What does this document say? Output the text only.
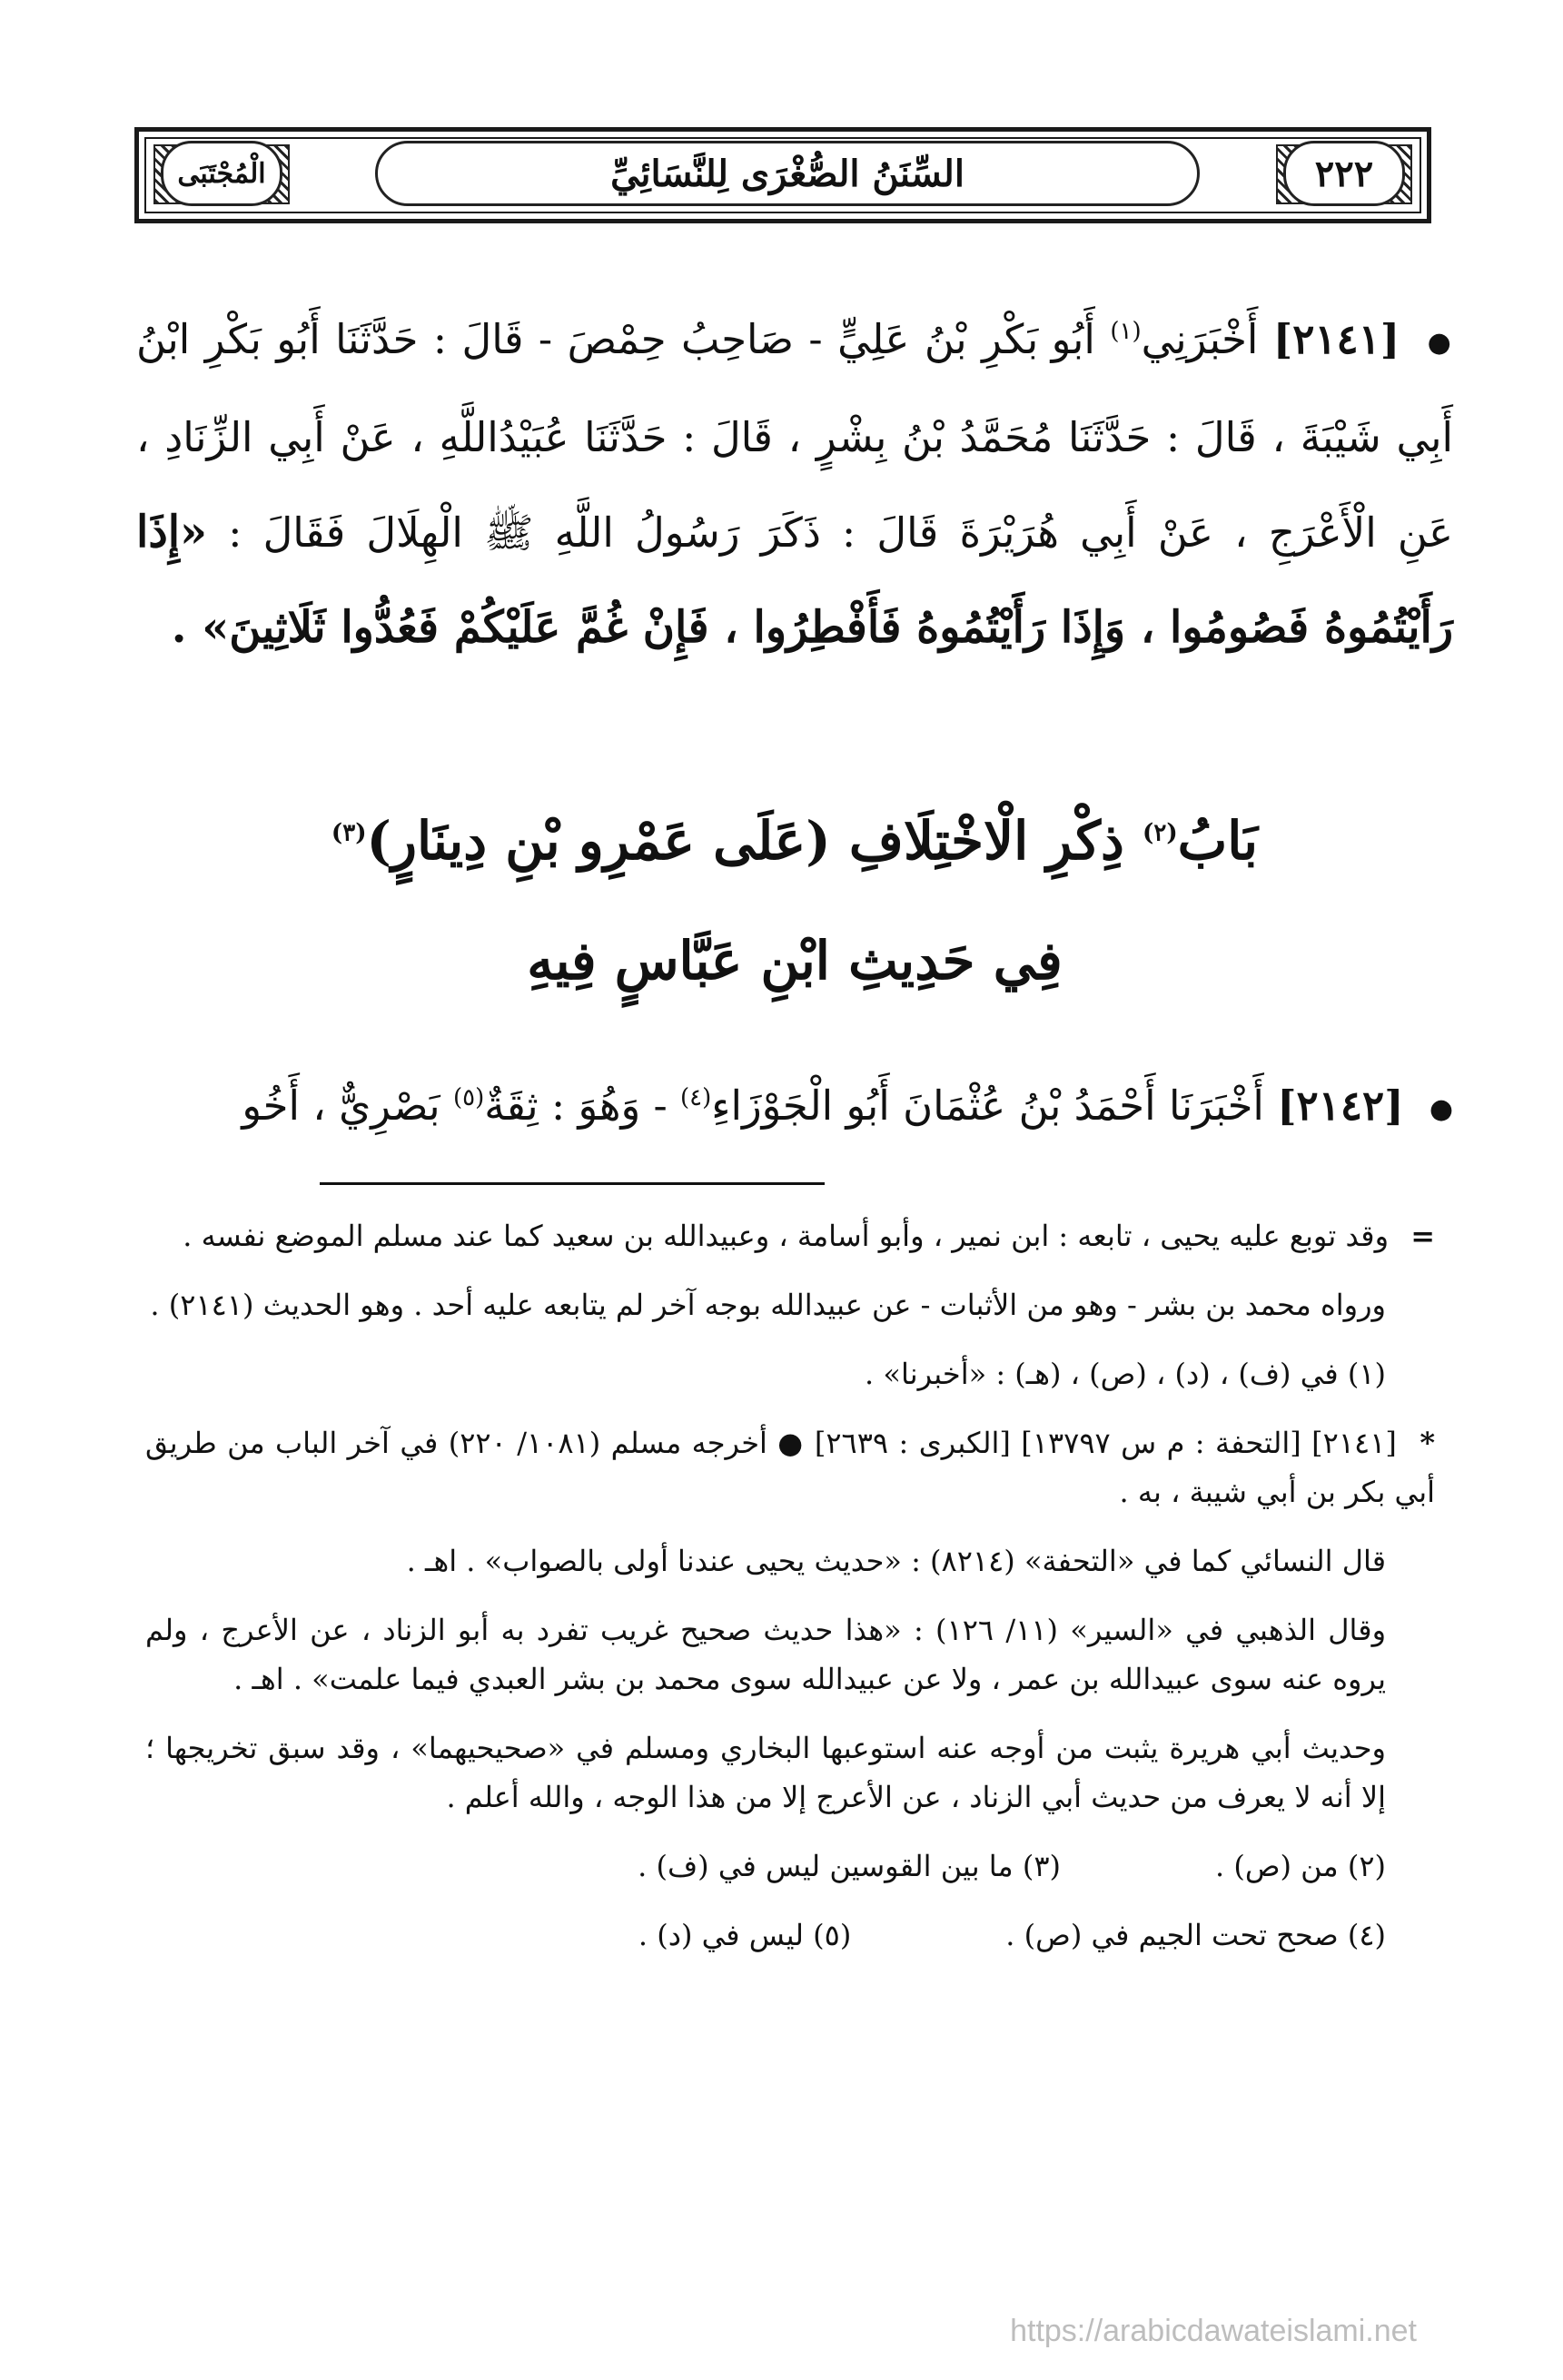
٢٢٢
السِّنَنُ الصُّغْرَى لِلنَّسَائِيِّ
الْمُجْتَبَى

● [٢١٤١] أَخْبَرَنِي$^{(١)}$ أَبُو بَكْرِ بْنُ عَلِيٍّ - صَاحِبُ حِمْصَ - قَالَ : حَدَّثَنَا أَبُو بَكْرِ ابْنُ أَبِي شَيْبَةَ ، قَالَ : حَدَّثَنَا مُحَمَّدُ بْنُ بِشْرٍ ، قَالَ : حَدَّثَنَا عُبَيْدُاللَّهِ ، عَنْ أَبِي الزِّنَادِ ، عَنِ الْأَعْرَجِ ، عَنْ أَبِي هُرَيْرَةَ قَالَ : ذَكَرَ رَسُولُ اللَّهِ ﷺ الْهِلَالَ فَقَالَ : «إِذَا رَأَيْتُمُوهُ فَصُومُوا ، وَإِذَا رَأَيْتُمُوهُ فَأَفْطِرُوا ، فَإِنْ غُمَّ عَلَيْكُمْ فَعُدُّوا ثَلَاثِينَ» .

بَابُ$^{(٢)}$ ذِكْرِ الْاخْتِلَافِ (عَلَى عَمْرِو بْنِ دِينَارٍ)$^{(٣)}$
فِي حَدِيثِ ابْنِ عَبَّاسٍ فِيهِ
● [٢١٤٢] أَخْبَرَنَا أَحْمَدُ بْنُ عُثْمَانَ أَبُو الْجَوْزَاءِ$^{(٤)}$ - وَهُوَ : ثِقَةٌ$^{(٥)}$ بَصْرِيٌّ ، أَخُو

= وقد توبع عليه يحيى ، تابعه : ابن نمير ، وأبو أسامة ، وعبيدالله بن سعيد كما عند مسلم الموضع نفسه .

ورواه محمد بن بشر - وهو من الأثبات - عن عبيدالله بوجه آخر لم يتابعه عليه أحد . وهو الحديث (٢١٤١) .

(١) في (ف) ، (د) ، (ص) ، (هـ) : «أخبرنا» .

* [٢١٤١] [التحفة : م س ١٣٧٩٧] [الكبرى : ٢٦٣٩] ● أخرجه مسلم (١٠٨١/ ٢٢٠) في آخر الباب من طريق أبي بكر بن أبي شيبة ، به .

قال النسائي كما في «التحفة» (٨٢١٤) : «حديث يحيى عندنا أولى بالصواب» . اهـ .

وقال الذهبي في «السير» (١١/ ١٢٦) : «هذا حديث صحيح غريب تفرد به أبو الزناد ، عن الأعرج ، ولم يروه عنه سوى عبيدالله بن عمر ، ولا عن عبيدالله سوى محمد بن بشر العبدي فيما علمت» . اهـ .

وحديث أبي هريرة يثبت من أوجه عنه استوعبها البخاري ومسلم في «صحيحيهما» ، وقد سبق تخريجها ؛ إلا أنه لا يعرف من حديث أبي الزناد ، عن الأعرج إلا من هذا الوجه ، والله أعلم .

(٢) من (ص) .
(٣) ما بين القوسين ليس في (ف) .
(٤) صحح تحت الجيم في (ص) .
(٥) ليس في (د) .
https://arabicdawateislami.net
